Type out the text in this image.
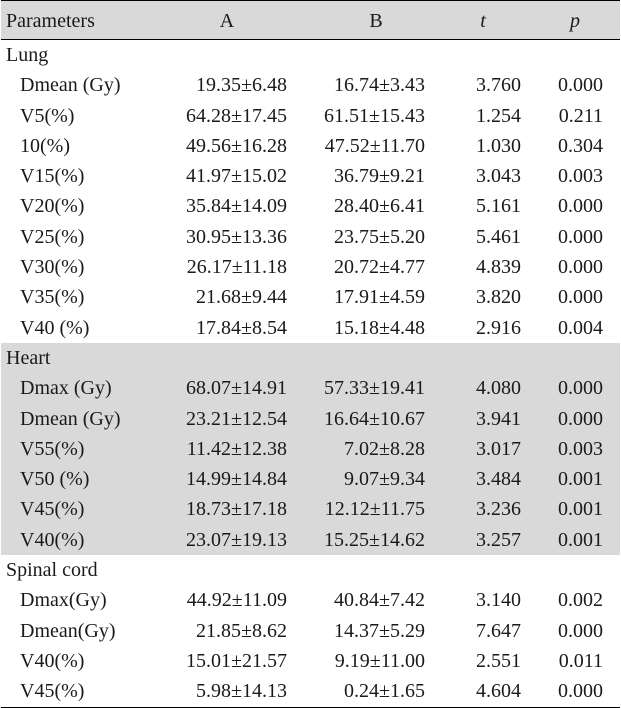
Parameters	A	B	t	p
Lung
Dmean (Gy)	19.35±6.48	16.74±3.43	3.760	0.000
V5(%)	64.28±17.45	61.51±15.43	1.254	0.211
10(%)	49.56±16.28	47.52±11.70	1.030	0.304
V15(%)	41.97±15.02	36.79±9.21	3.043	0.003
V20(%)	35.84±14.09	28.40±6.41	5.161	0.000
V25(%)	30.95±13.36	23.75±5.20	5.461	0.000
V30(%)	26.17±11.18	20.72±4.77	4.839	0.000
V35(%)	21.68±9.44	17.91±4.59	3.820	0.000
V40 (%)	17.84±8.54	15.18±4.48	2.916	0.004
Heart
Dmax (Gy)	68.07±14.91	57.33±19.41	4.080	0.000
Dmean (Gy)	23.21±12.54	16.64±10.67	3.941	0.000
V55(%)	11.42±12.38	7.02±8.28	3.017	0.003
V50 (%)	14.99±14.84	9.07±9.34	3.484	0.001
V45(%)	18.73±17.18	12.12±11.75	3.236	0.001
V40(%)	23.07±19.13	15.25±14.62	3.257	0.001
Spinal cord
Dmax(Gy)	44.92±11.09	40.84±7.42	3.140	0.002
Dmean(Gy)	21.85±8.62	14.37±5.29	7.647	0.000
V40(%)	15.01±21.57	9.19±11.00	2.551	0.011
V45(%)	5.98±14.13	0.24±1.65	4.604	0.000
